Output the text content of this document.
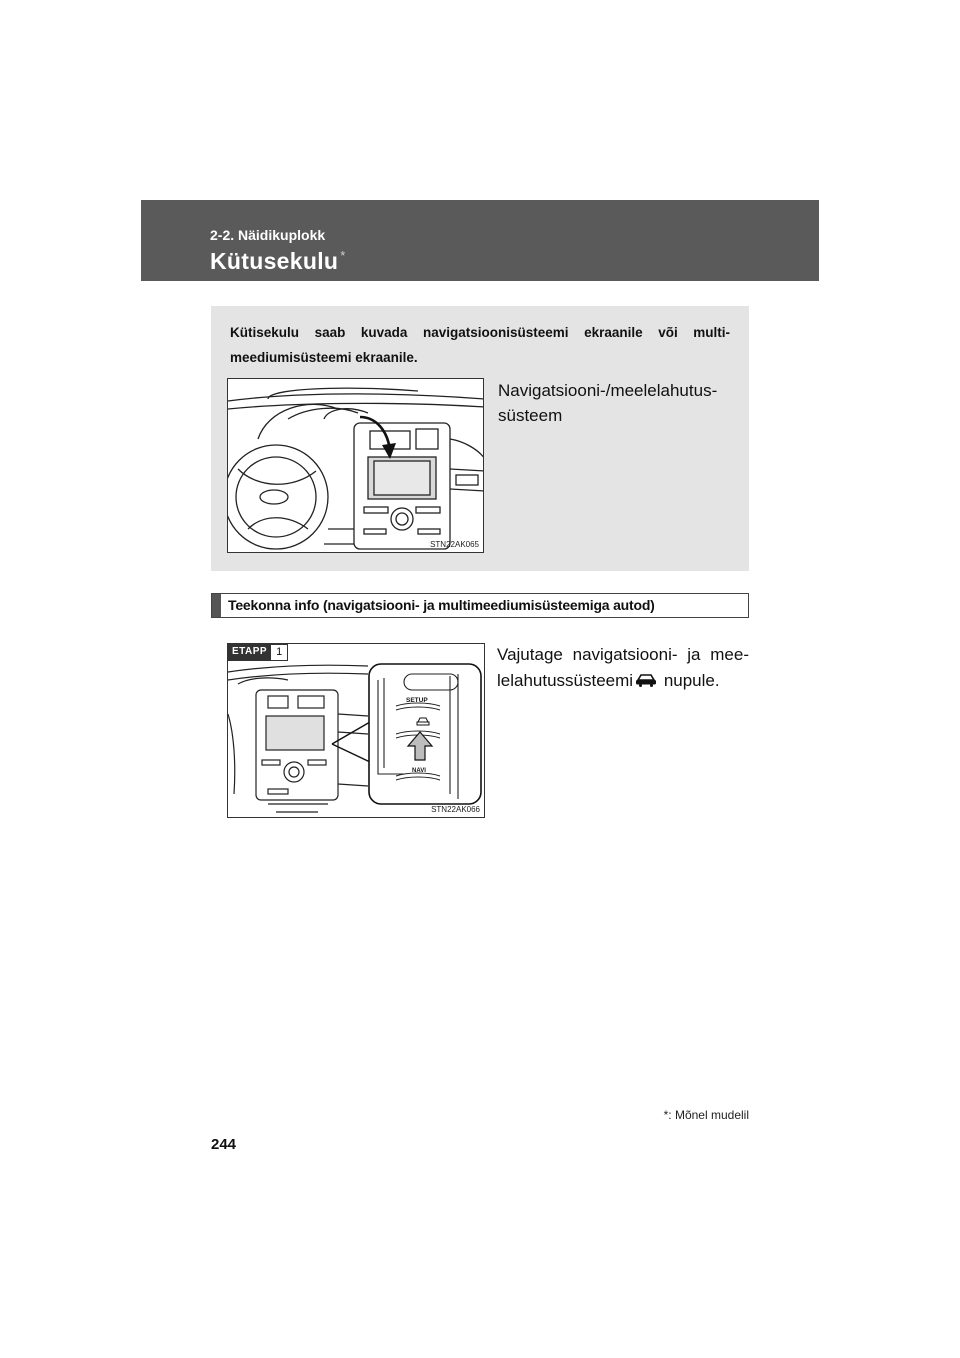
2-2. Näidikuplokk
Kütusekulu *
Kütisekulu saab kuvada navigatsioonisüsteemi ekraanile või multi-meediumisüsteemi ekraanile.
STN22AK065
Navigatsiooni-/meelelahutus-süsteem
Teekonna info (navigatsiooni- ja multimeediumisüsteemiga autod)
SETUP
NAVI
ETAPP 1
STN22AK066
Vajutage navigatsiooni- ja mee-lelahutussüsteemi nupule.
*: Mõnel mudelil
244
